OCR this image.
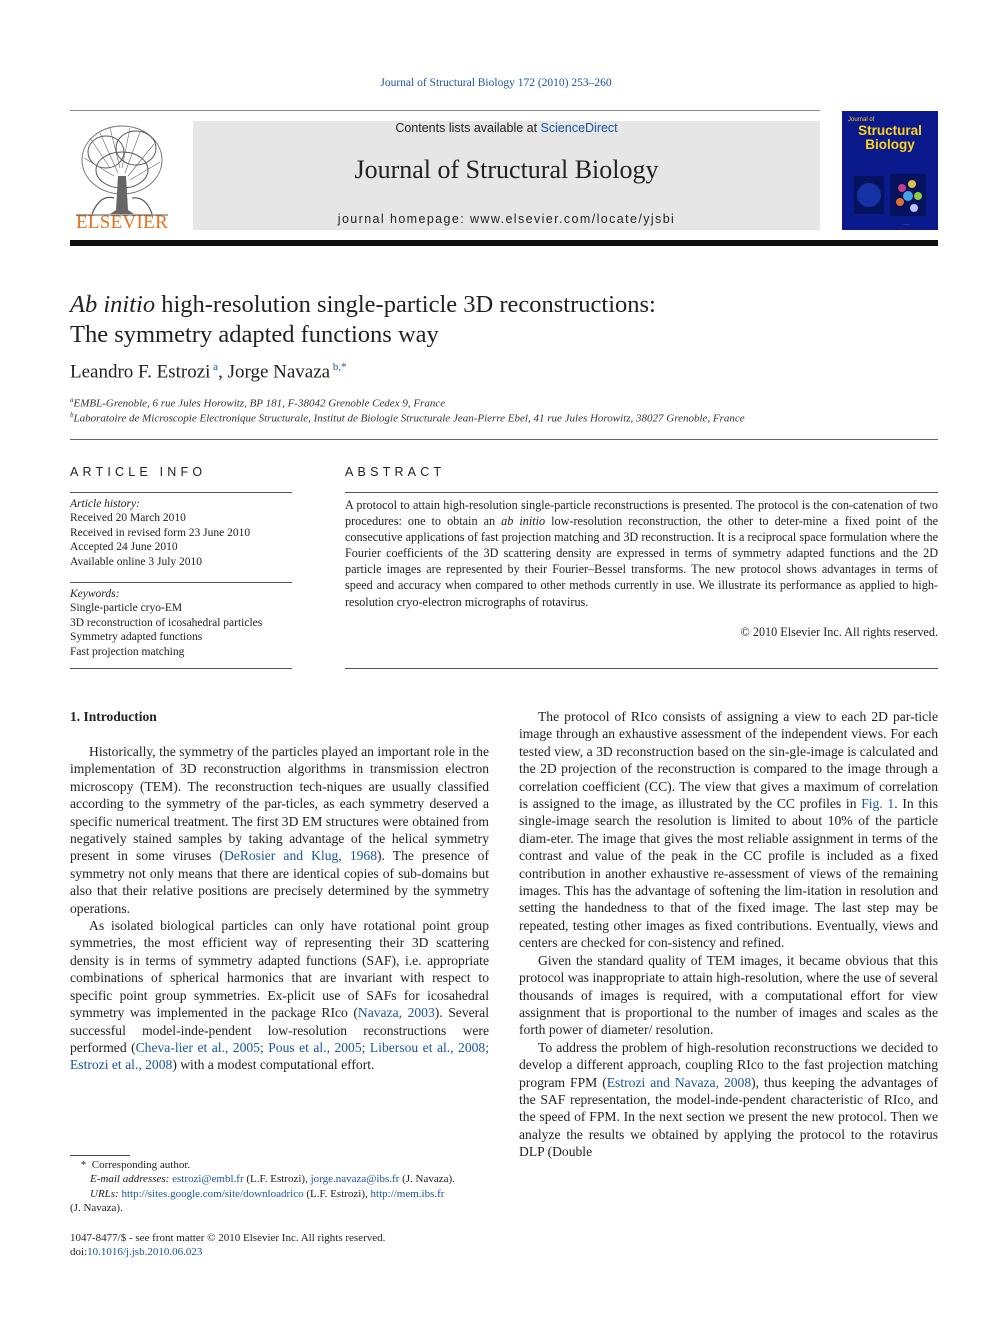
Journal of Structural Biology 172 (2010) 253–260
ELSEVIER
Contents lists available at ScienceDirect
Journal of Structural Biology
journal homepage: www.elsevier.com/locate/yjsbi
Journal of
Structural
Biology
·····
Ab initio high-resolution single-particle 3D reconstructions:
The symmetry adapted functions way
Leandro F. Estrozi $^a$, Jorge Navaza $^{b,*}$
$^a$EMBL-Grenoble, 6 rue Jules Horowitz, BP 181, F-38042 Grenoble Cedex 9, France
$^b$Laboratoire de Microscopie Electronique Structurale, Institut de Biologie Structurale Jean-Pierre Ebel, 41 rue Jules Horowitz, 38027 Grenoble, France
ARTICLE INFO
Article history:
Received 20 March 2010
Received in revised form 23 June 2010
Accepted 24 June 2010
Available online 3 July 2010
Keywords:
Single-particle cryo-EM
3D reconstruction of icosahedral particles
Symmetry adapted functions
Fast projection matching
ABSTRACT
A protocol to attain high-resolution single-particle reconstructions is presented. The protocol is the con-catenation of two procedures: one to obtain an ab initio low-resolution reconstruction, the other to deter-mine a fixed point of the consecutive applications of fast projection matching and 3D reconstruction. It is a reciprocal space formulation where the Fourier coefficients of the 3D scattering density are expressed in terms of symmetry adapted functions and the 2D particle images are represented by their Fourier–Bessel transforms. The new protocol shows advantages in terms of speed and accuracy when compared to other methods currently in use. We illustrate its performance as applied to high-resolution cryo-electron micrographs of rotavirus.
© 2010 Elsevier Inc. All rights reserved.
1. Introduction

Historically, the symmetry of the particles played an important role in the implementation of 3D reconstruction algorithms in transmission electron microscopy (TEM). The reconstruction tech-niques are usually classified according to the symmetry of the par-ticles, as each symmetry deserved a specific numerical treatment. The first 3D EM structures were obtained from negatively stained samples by taking advantage of the helical symmetry present in some viruses (DeRosier and Klug, 1968). The presence of symmetry not only means that there are identical copies of sub-domains but also that their relative positions are precisely determined by the symmetry operations.

As isolated biological particles can only have rotational point group symmetries, the most efficient way of representing their 3D scattering density is in terms of symmetry adapted functions (SAF), i.e. appropriate combinations of spherical harmonics that are invariant with respect to specific point group symmetries. Ex-plicit use of SAFs for icosahedral symmetry was implemented in the package RIco (Navaza, 2003). Several successful model-inde-pendent low-resolution reconstructions were performed (Cheva-lier et al., 2005; Pous et al., 2005; Libersou et al., 2008; Estrozi et al., 2008) with a modest computational effort.

The protocol of RIco consists of assigning a view to each 2D par-ticle image through an exhaustive assessment of the independent views. For each tested view, a 3D reconstruction based on the sin-gle-image is calculated and the 2D projection of the reconstruction is compared to the image through a correlation coefficient (CC). The view that gives a maximum of correlation is assigned to the image, as illustrated by the CC profiles in Fig. 1. In this single-image search the resolution is limited to about 10% of the particle diam-eter. The image that gives the most reliable assignment in terms of the contrast and value of the peak in the CC profile is included as a fixed contribution in another exhaustive re-assessment of views of the remaining images. This has the advantage of softening the lim-itation in resolution and setting the handedness to that of the fixed image. The last step may be repeated, testing other images as fixed contributions. Eventually, views and centers are checked for con-sistency and refined.

Given the standard quality of TEM images, it became obvious that this protocol was inappropriate to attain high-resolution, where the use of several thousands of images is required, with a computational effort for view assignment that is proportional to the number of images and scales as the forth power of diameter/ resolution.

To address the problem of high-resolution reconstructions we decided to develop a different approach, coupling RIco to the fast projection matching program FPM (Estrozi and Navaza, 2008), thus keeping the advantages of the SAF representation, the model-inde-pendent characteristic of RIco, and the speed of FPM. In the next section we present the new protocol. Then we analyze the results we obtained by applying the protocol to the rotavirus DLP (Double

*  Corresponding author.
E-mail addresses: estrozi@embl.fr (L.F. Estrozi), jorge.navaza@ibs.fr (J. Navaza).
URLs: http://sites.google.com/site/downloadrico (L.F. Estrozi), http://mem.ibs.fr
(J. Navaza).
1047-8477/$ - see front matter © 2010 Elsevier Inc. All rights reserved.
doi:10.1016/j.jsb.2010.06.023
